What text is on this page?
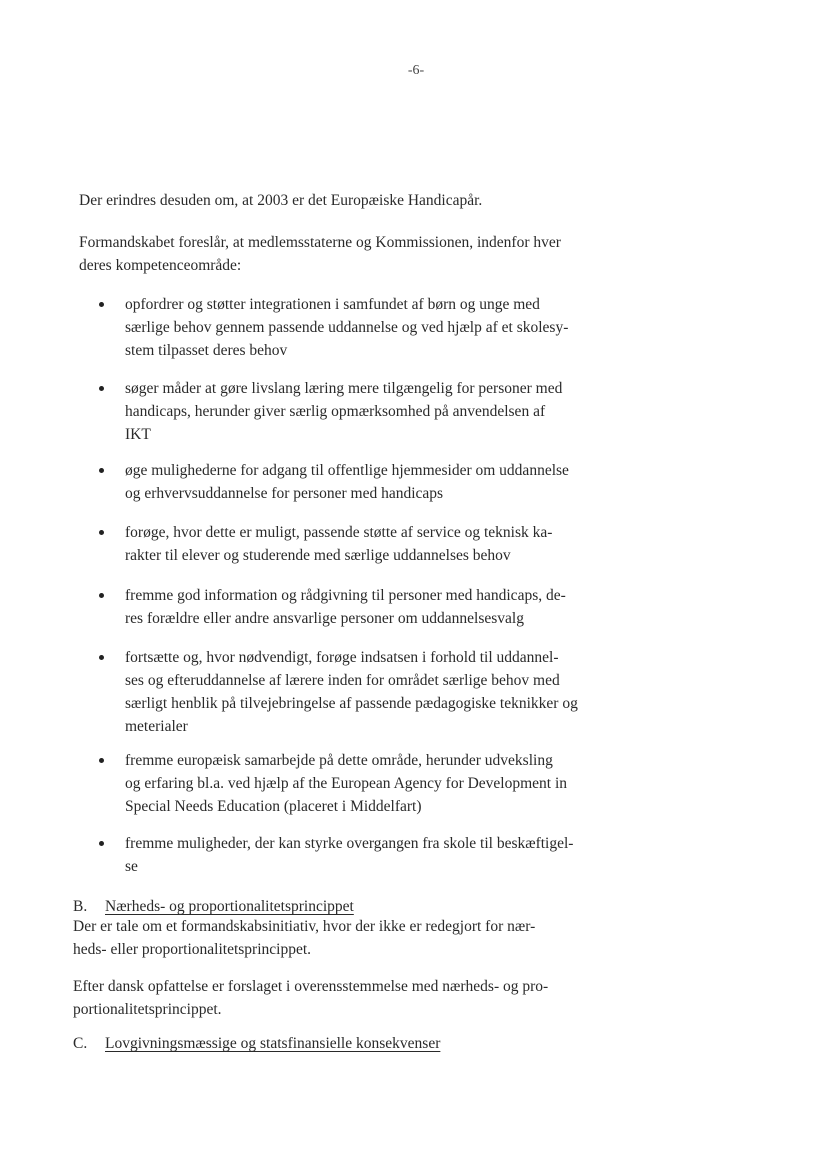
-6-

Der erindres desuden om, at 2003 er det Europæiske Handicapår.

Formandskabet foreslår, at medlemsstaterne og Kommissionen, indenfor hver
deres kompetenceområde:
opfordrer og støtter integrationen i samfundet af børn og unge med
særlige behov gennem passende uddannelse og ved hjælp af et skolesy-
stem tilpasset deres behov
søger måder at gøre livslang læring mere tilgængelig for personer med
handicaps, herunder giver særlig opmærksomhed på anvendelsen af
IKT
øge mulighederne for adgang til offentlige hjemmesider om uddannelse
og erhvervsuddannelse for personer med handicaps
forøge, hvor dette er muligt, passende støtte af service og teknisk ka-
rakter til elever og studerende med særlige uddannelses behov
fremme god information og rådgivning til personer med handicaps, de-
res forældre eller andre ansvarlige personer om uddannelsesvalg
fortsætte og, hvor nødvendigt, forøge indsatsen i forhold til uddannel-
ses og efteruddannelse af lærere inden for området særlige behov med
særligt henblik på tilvejebringelse af passende pædagogiske teknikker og
meterialer
fremme europæisk samarbejde på dette område, herunder udveksling
og erfaring bl.a. ved hjælp af the European Agency for Development in
Special Needs Education (placeret i Middelfart)
fremme muligheder, der kan styrke overgangen fra skole til beskæftigel-
se
B. Nærheds- og proportionalitetsprincippet
Der er tale om et formandskabsinitiativ, hvor der ikke er redegjort for nær-
heds- eller proportionalitetsprincippet.
Efter dansk opfattelse er forslaget i overensstemmelse med nærheds- og pro-
portionalitetsprincippet.
C. Lovgivningsmæssige og statsfinansielle konsekvenser
